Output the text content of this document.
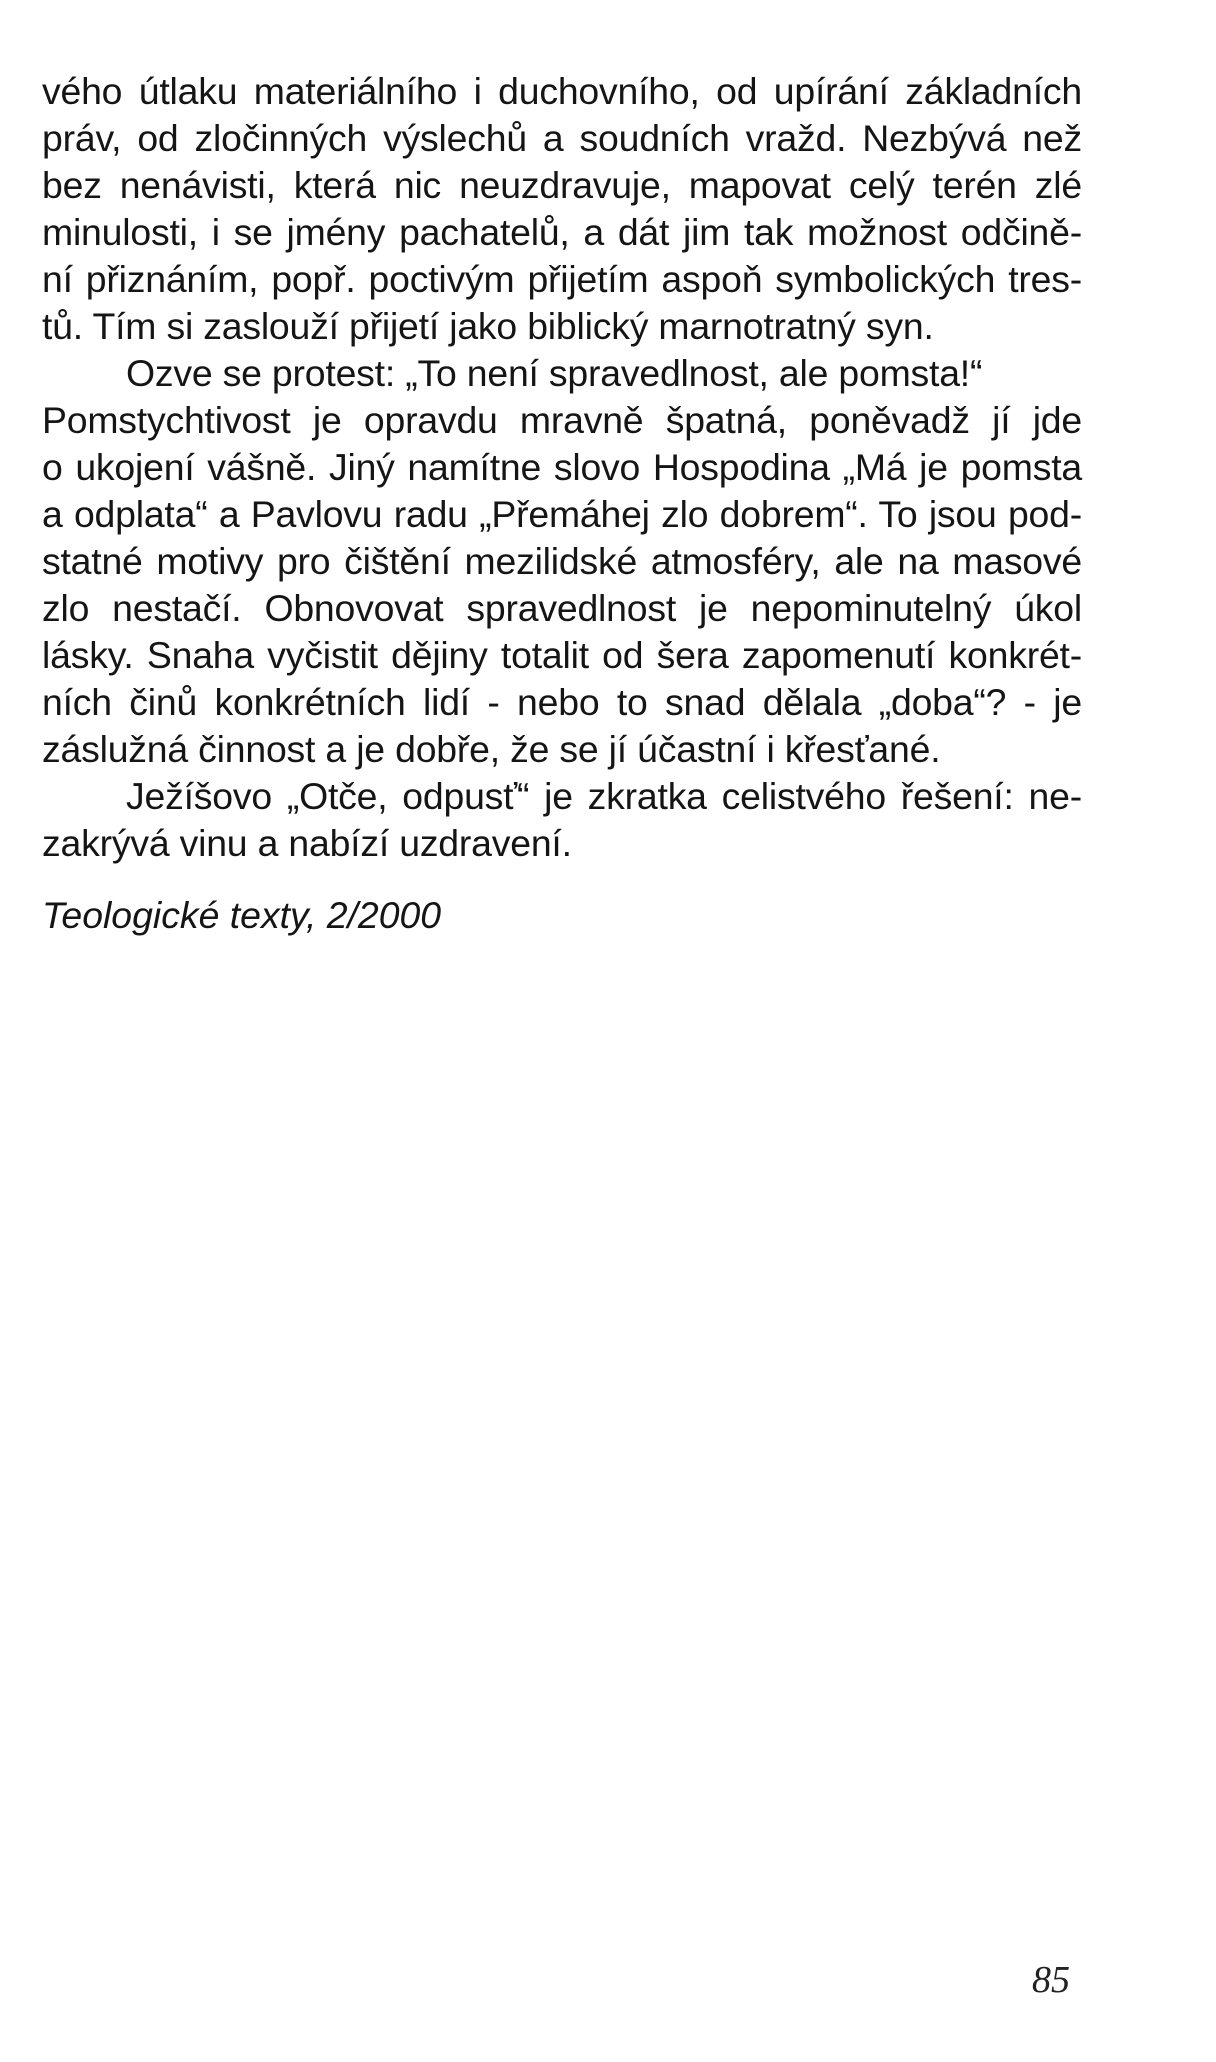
vého útlaku materiálního i duchovního, od upírání základních
práv, od zločinných výslechů a soudních vražd. Nezbývá než
bez nenávisti, která nic neuzdravuje, mapovat celý terén zlé
minulosti, i se jmény pachatelů, a dát jim tak možnost odčině-
ní přiznáním, popř. poctivým přijetím aspoň symbolických tres-
tů. Tím si zaslouží přijetí jako biblický marnotratný syn.
Ozve se protest: „To není spravedlnost, ale pomsta!“
Pomstychtivost je opravdu mravně špatná, poněvadž jí jde
o ukojení vášně. Jiný namítne slovo Hospodina „Má je pomsta
a odplata“ a Pavlovu radu „Přemáhej zlo dobrem“. To jsou pod-
statné motivy pro čištění mezilidské atmosféry, ale na masové
zlo nestačí. Obnovovat spravedlnost je nepominutelný úkol
lásky. Snaha vyčistit dějiny totalit od šera zapomenutí konkrét-
ních činů konkrétních lidí - nebo to snad dělala „doba“? - je
záslužná činnost a je dobře, že se jí účastní i křesťané.
Ježíšovo „Otče, odpusť“ je zkratka celistvého řešení: ne-
zakrývá vinu a nabízí uzdravení.
Teologické texty, 2/2000
85
